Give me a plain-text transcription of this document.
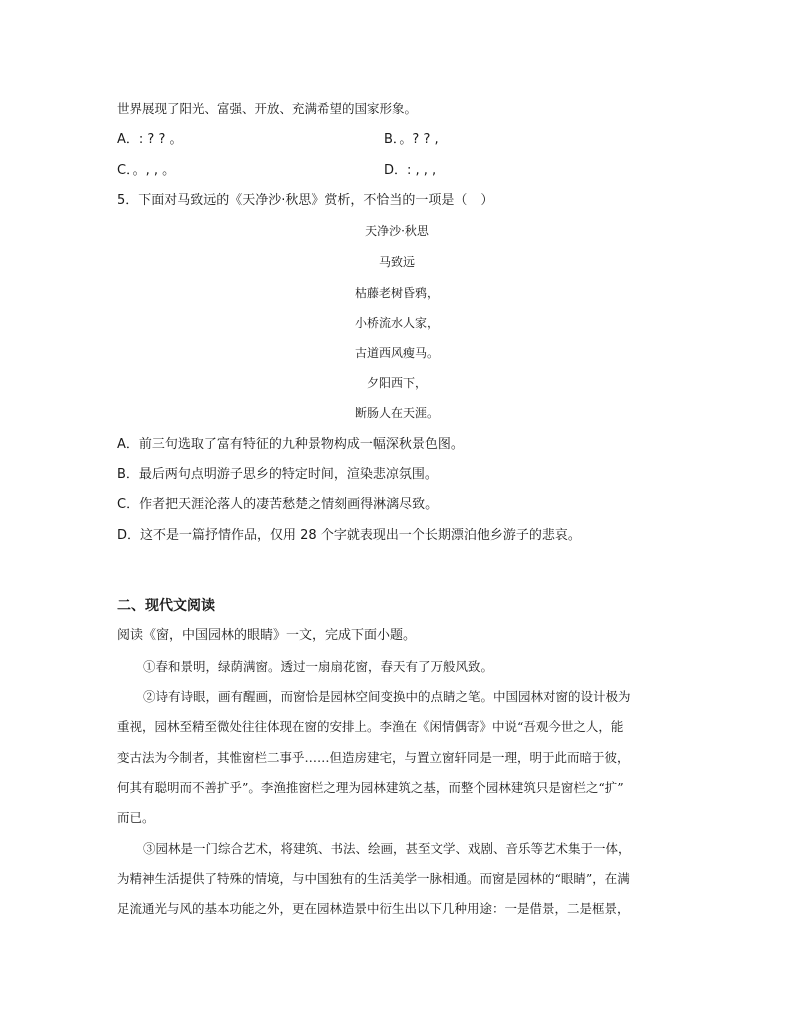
世界展现了阳光、富强、开放、充满希望的国家形象。
A．: ? ? 。	B．。? ? ,
C．。, , 。	D．: , , ,
5．下面对马致远的《天净沙·秋思》赏析，不恰当的一项是（　）
天净沙·秋思
马致远
枯藤老树昏鸦，
小桥流水人家，
古道西风瘦马。
夕阳西下，
断肠人在天涯。
A．前三句选取了富有特征的九种景物构成一幅深秋景色图。
B．最后两句点明游子思乡的特定时间，渲染悲凉氛围。
C．作者把天涯沦落人的凄苦愁楚之情刻画得淋漓尽致。
D．这不是一篇抒情作品，仅用 28 个字就表现出一个长期漂泊他乡游子的悲哀。
二、现代文阅读
阅读《窗，中国园林的眼睛》一文，完成下面小题。
①春和景明，绿荫满窗。透过一扇扇花窗，春天有了万般风致。
②诗有诗眼，画有醒画，而窗恰是园林空间变换中的点睛之笔。中国园林对窗的设计极为
重视，园林至精至微处往往体现在窗的安排上。李渔在《闲情偶寄》中说“吾观今世之人，能
变古法为今制者，其惟窗栏二事乎……但造房建宅，与置立窗轩同是一理，明于此而暗于彼，
何其有聪明而不善扩乎”。李渔推窗栏之理为园林建筑之基，而整个园林建筑只是窗栏之“扩”
而已。
③园林是一门综合艺术，将建筑、书法、绘画，甚至文学、戏剧、音乐等艺术集于一体，
为精神生活提供了特殊的情境，与中国独有的生活美学一脉相通。而窗是园林的“眼睛”，在满
足流通光与风的基本功能之外，更在园林造景中衍生出以下几种用途：一是借景，二是框景，
